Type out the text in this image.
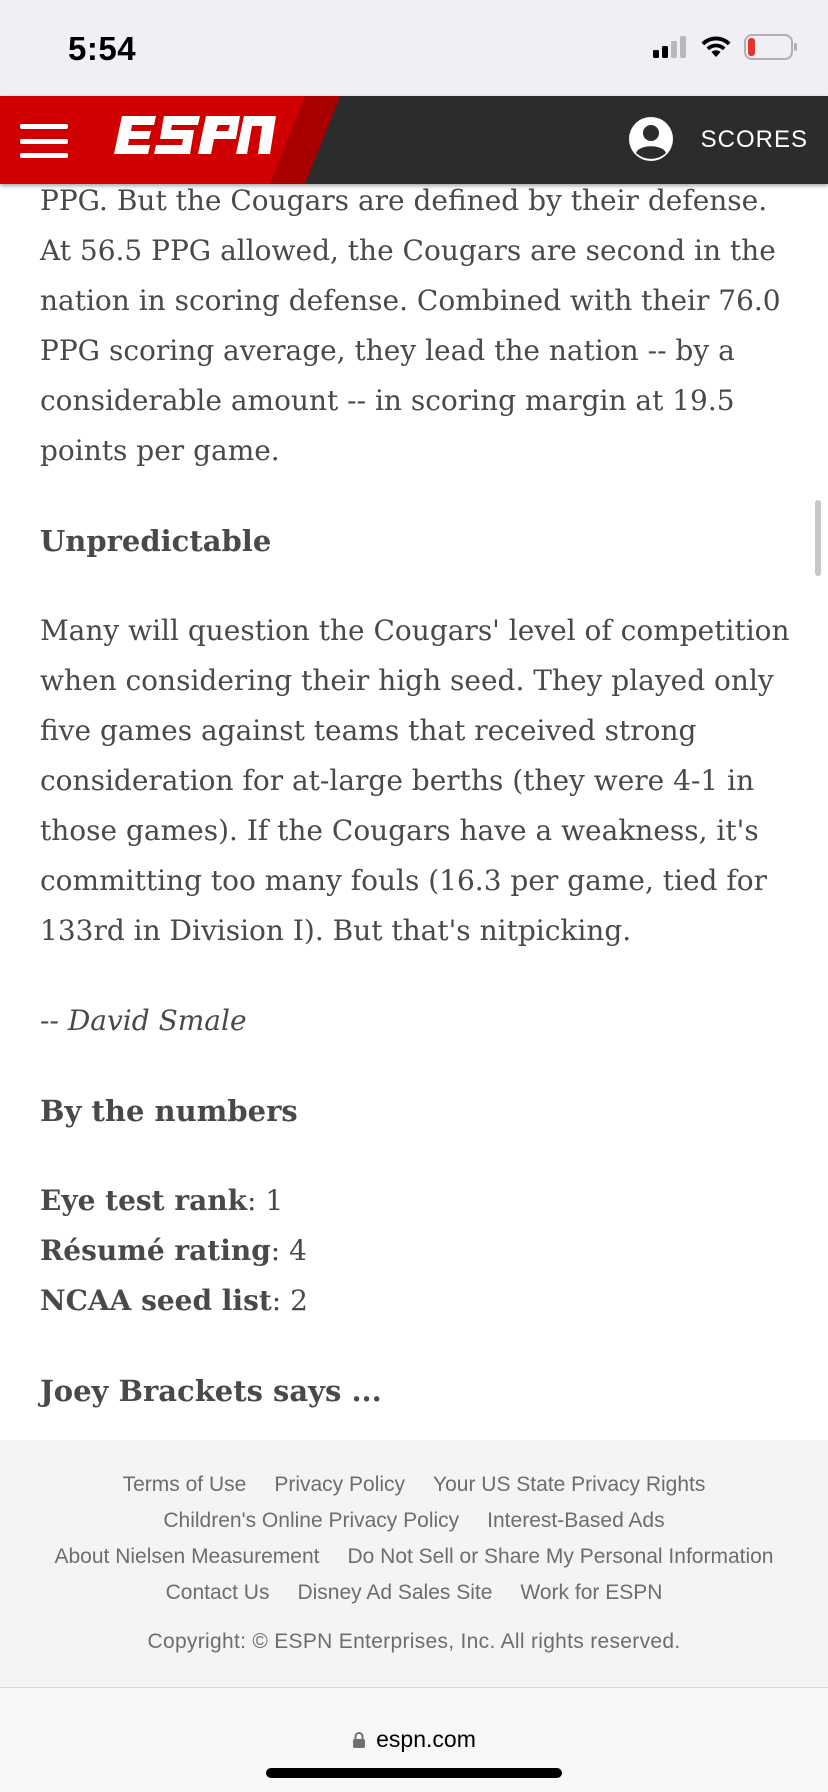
5:54
SCORES

PPG. But the Cougars are defined by their defense.
At 56.5 PPG allowed, the Cougars are second in the
nation in scoring defense. Combined with their 76.0
PPG scoring average, they lead the nation -- by a
considerable amount -- in scoring margin at 19.5
points per game.

Unpredictable

Many will question the Cougars' level of competition
when considering their high seed. They played only
five games against teams that received strong
consideration for at-large berths (they were 4-1 in
those games). If the Cougars have a weakness, it's
committing too many fouls (16.3 per game, tied for
133rd in Division I). But that's nitpicking.

-- David Smale

By the numbers
Eye test rank: 1
Résumé rating: 4
NCAA seed list: 2
Joey Brackets says ...
Terms of Use Privacy Policy Your US State Privacy Rights
Children's Online Privacy Policy Interest-Based Ads
About Nielsen Measurement Do Not Sell or Share My Personal Information
Contact Us Disney Ad Sales Site Work for ESPN
Copyright: © ESPN Enterprises, Inc. All rights reserved.
espn.com
